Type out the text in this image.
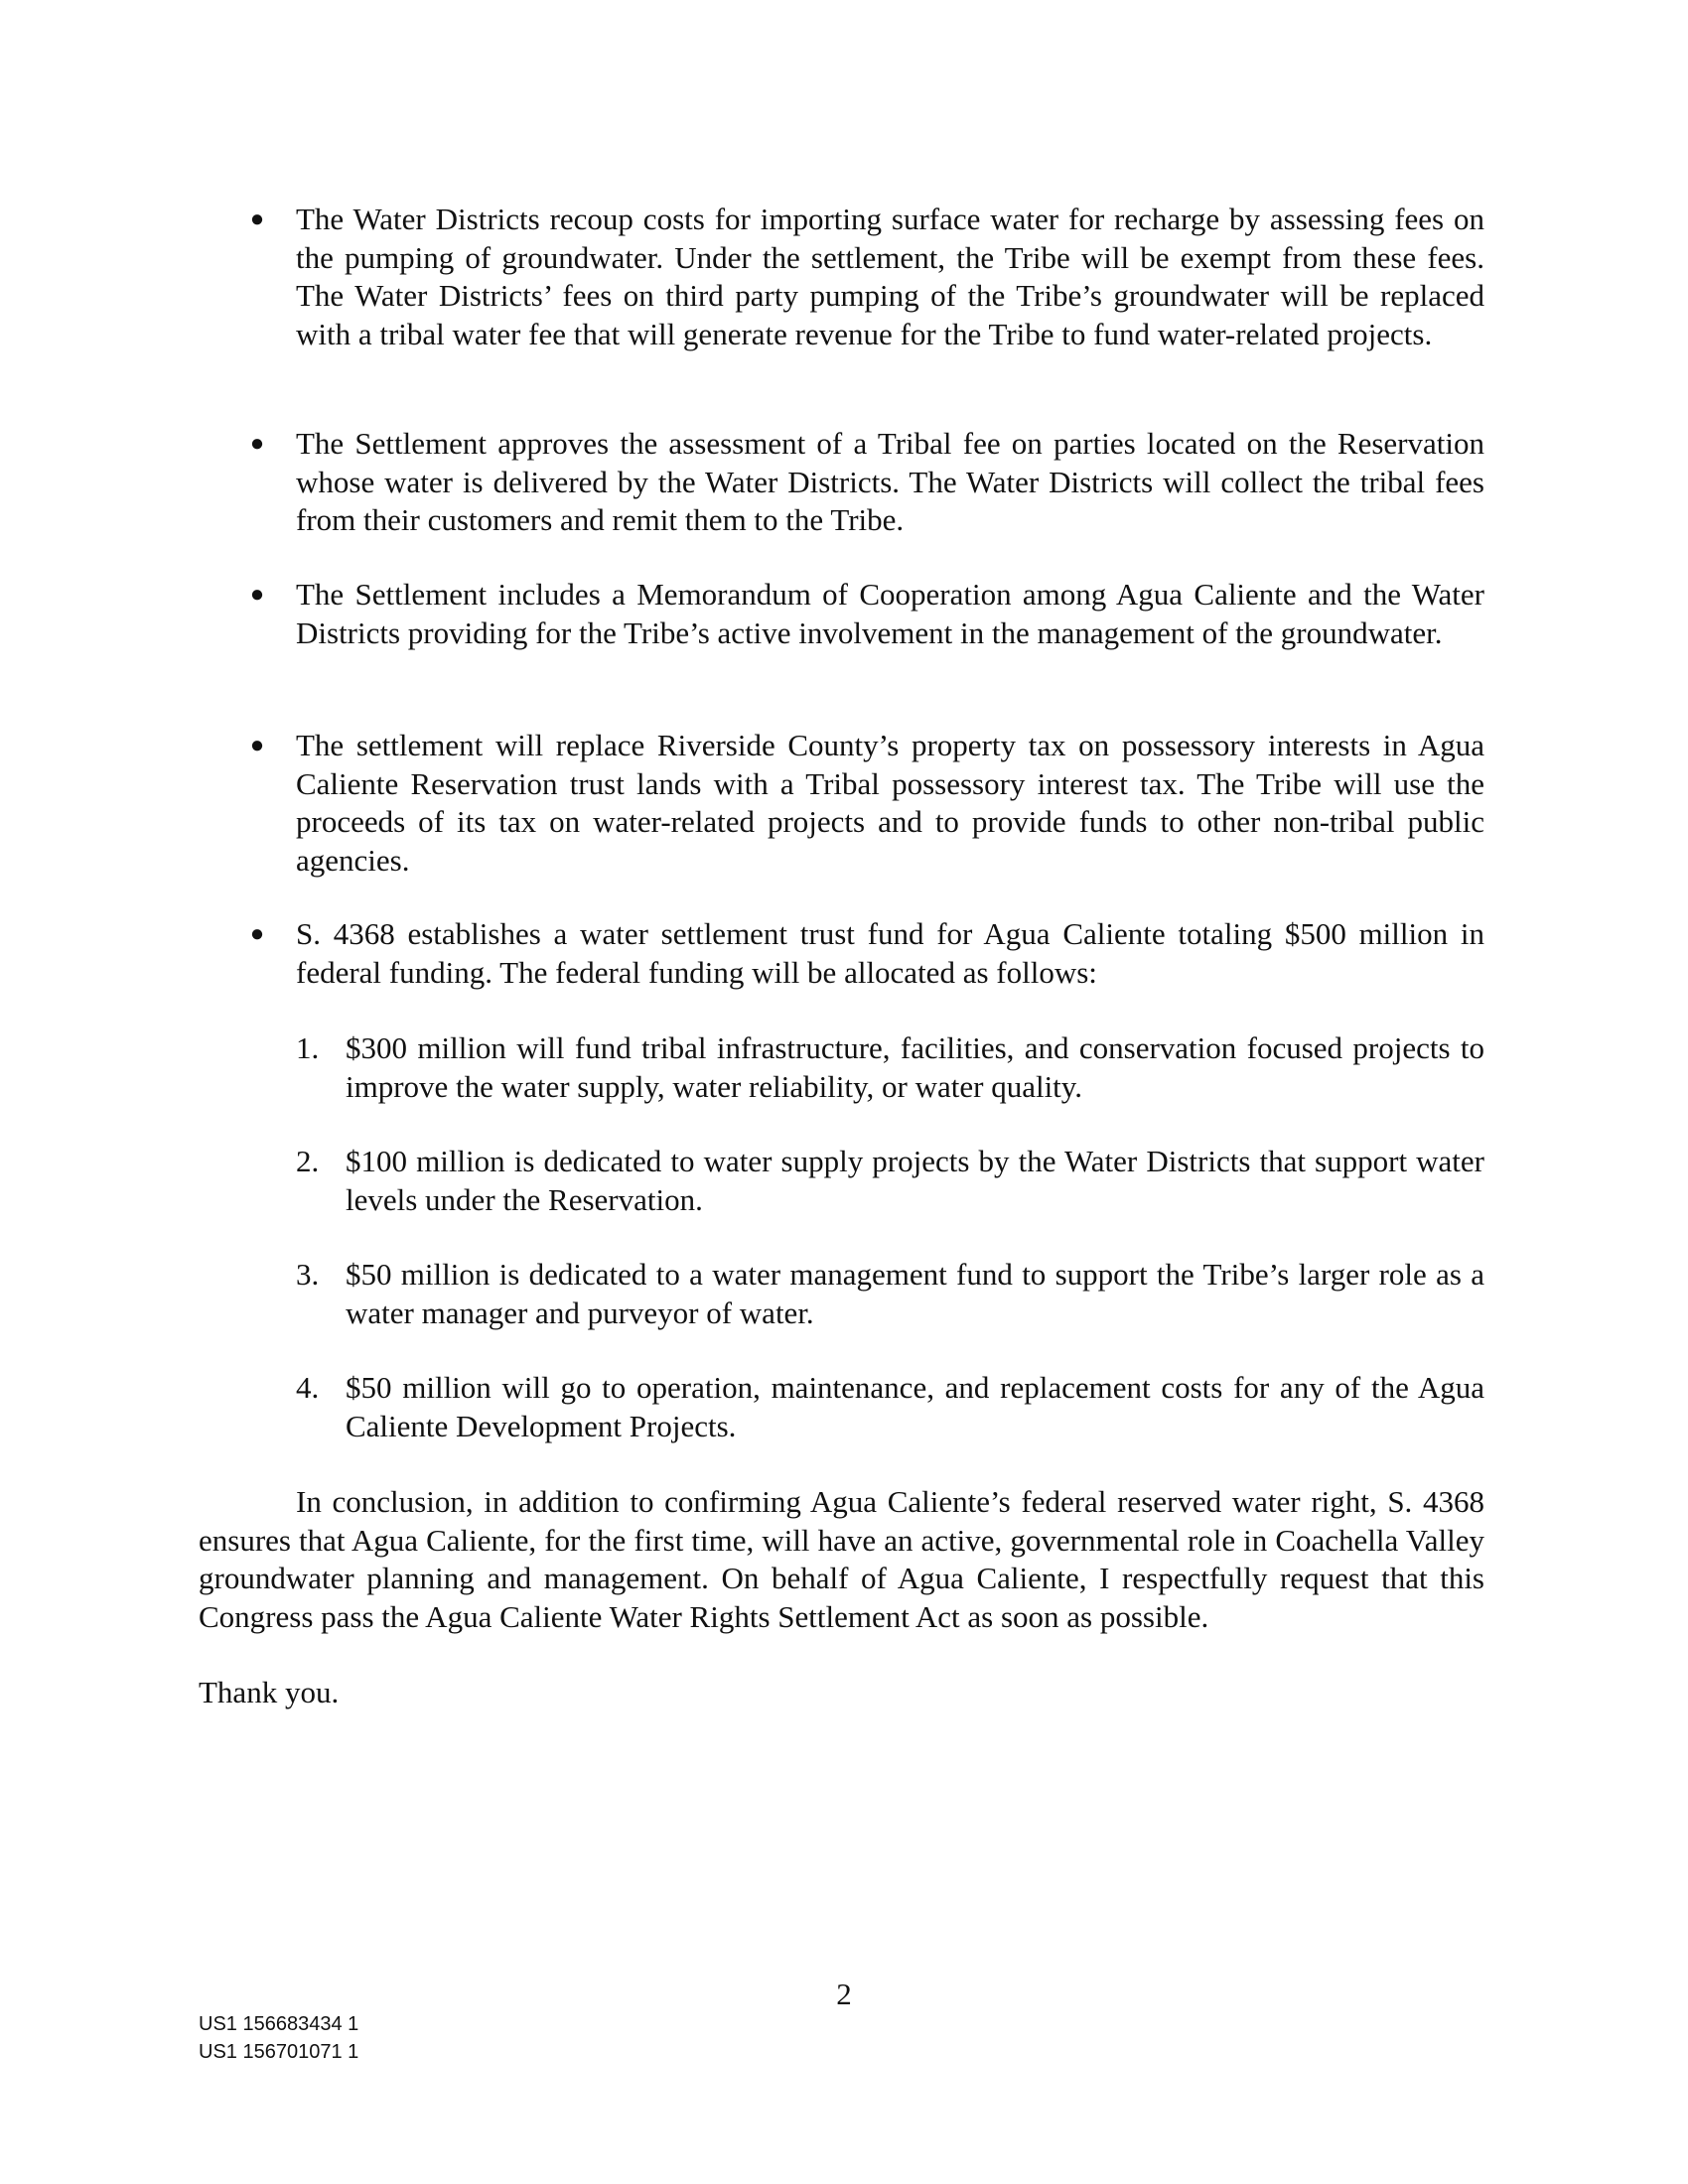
● The Water Districts recoup costs for importing surface water for recharge by assessing fees on the pumping of groundwater. Under the settlement, the Tribe will be exempt from these fees. The Water Districts’ fees on third party pumping of the Tribe’s groundwater will be replaced with a tribal water fee that will generate revenue for the Tribe to fund water-related projects.

● The Settlement approves the assessment of a Tribal fee on parties located on the Reservation whose water is delivered by the Water Districts. The Water Districts will collect the tribal fees from their customers and remit them to the Tribe.

● The Settlement includes a Memorandum of Cooperation among Agua Caliente and the Water Districts providing for the Tribe’s active involvement in the management of the groundwater.

● The settlement will replace Riverside County’s property tax on possessory interests in Agua Caliente Reservation trust lands with a Tribal possessory interest tax. The Tribe will use the proceeds of its tax on water-related projects and to provide funds to other non-tribal public agencies.

● S. 4368 establishes a water settlement trust fund for Agua Caliente totaling $500 million in federal funding. The federal funding will be allocated as follows:

1. $300 million will fund tribal infrastructure, facilities, and conservation focused projects to improve the water supply, water reliability, or water quality.

2. $100 million is dedicated to water supply projects by the Water Districts that support water levels under the Reservation.

3. $50 million is dedicated to a water management fund to support the Tribe’s larger role as a water manager and purveyor of water.

4. $50 million will go to operation, maintenance, and replacement costs for any of the Agua Caliente Development Projects.

In conclusion, in addition to confirming Agua Caliente’s federal reserved water right, S. 4368 ensures that Agua Caliente, for the first time, will have an active, governmental role in Coachella Valley groundwater planning and management. On behalf of Agua Caliente, I respectfully request that this Congress pass the Agua Caliente Water Rights Settlement Act as soon as possible.

Thank you.

2
US1 156683434 1
US1 156701071 1
